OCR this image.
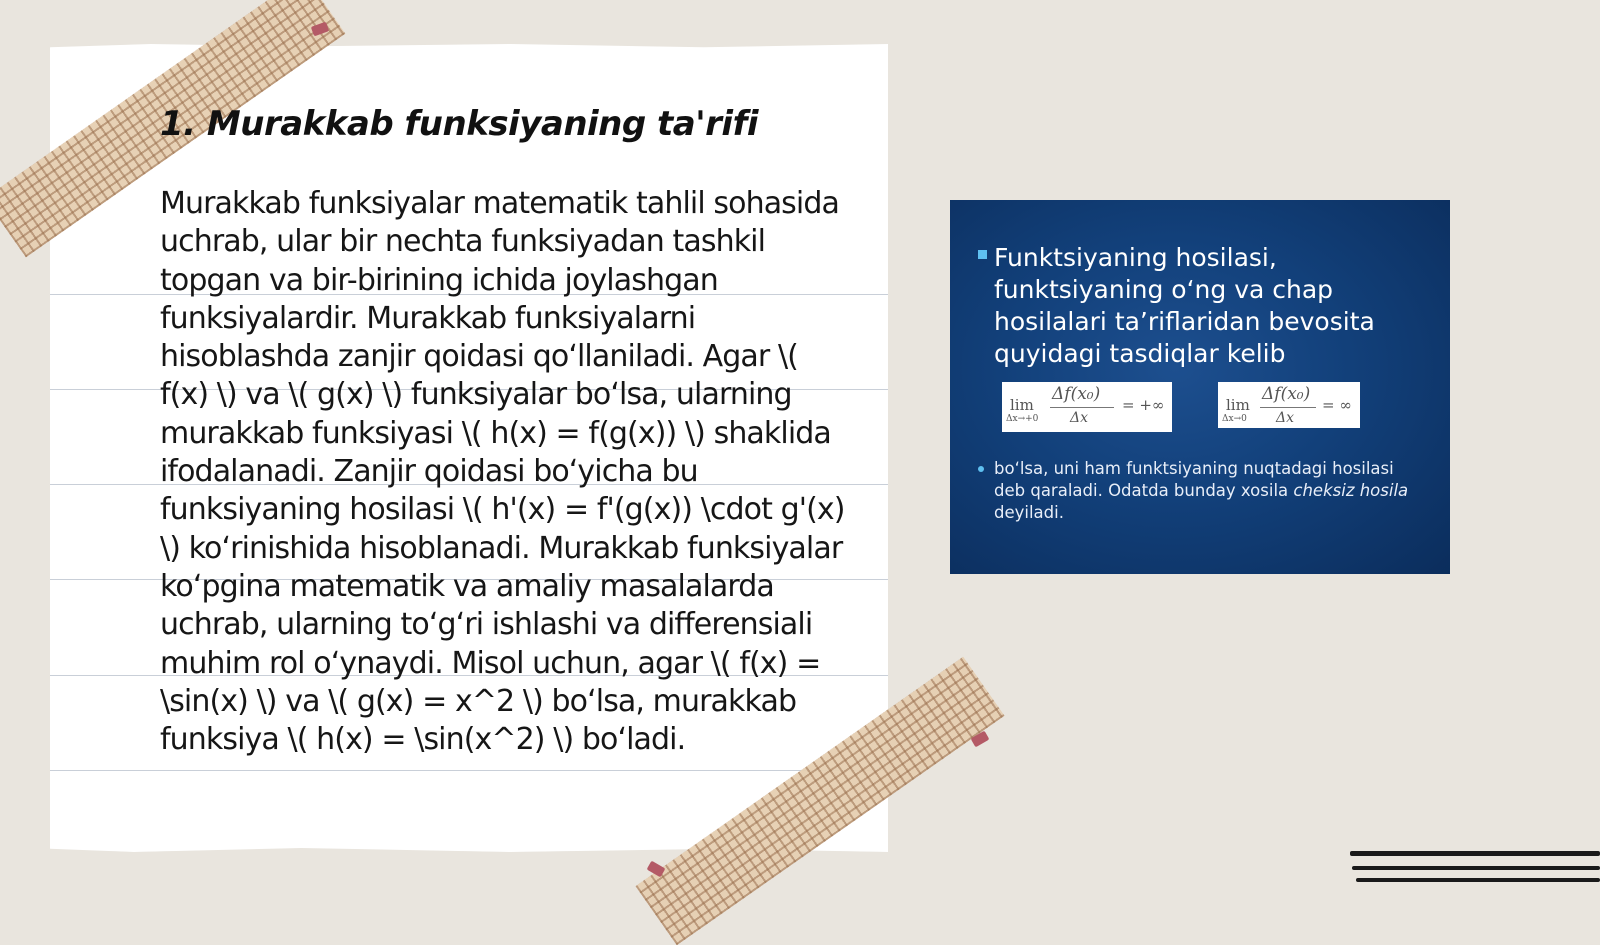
1. Murakkab funksiyaning ta'rifi

Murakkab funksiyalar matematik tahlil sohasida uchrab, ular bir nechta funksiyadan tashkil topgan va bir-birining ichida joylashgan funksiyalardir. Murakkab funksiyalarni hisoblashda zanjir qoidasi qo‘llaniladi. Agar \( f(x) \) va \( g(x) \) funksiyalar bo‘lsa, ularning murakkab funksiyasi \( h(x) = f(g(x)) \) shaklida ifodalanadi. Zanjir qoidasi bo‘yicha bu funksiyaning hosilasi \( h'(x) = f'(g(x)) \cdot g'(x) \) ko‘rinishida hisoblanadi. Murakkab funksiyalar ko‘pgina matematik va amaliy masalalarda uchrab, ularning to‘g‘ri ishlashi va differensiali muhim rol o‘ynaydi. Misol uchun, agar \( f(x) = \sin(x) \) va \( g(x) = x^2 \) bo‘lsa, murakkab funksiya \( h(x) = \sin(x^2) \) bo‘ladi.

Funktsiyaning hosilasi, funktsiyaning o‘ng va chap hosilalari ta’riflaridan bevosita quyidagi tasdiqlar kelib

lim
Δx→+0
Δf(x₀)
Δx
= +∞	lim
Δx→0
Δf(x₀)
Δx
= ∞

bo‘lsa, uni ham funktsiyaning nuqtadagi hosilasi deb qaraladi. Odatda bunday xosila cheksiz hosila deyiladi.
